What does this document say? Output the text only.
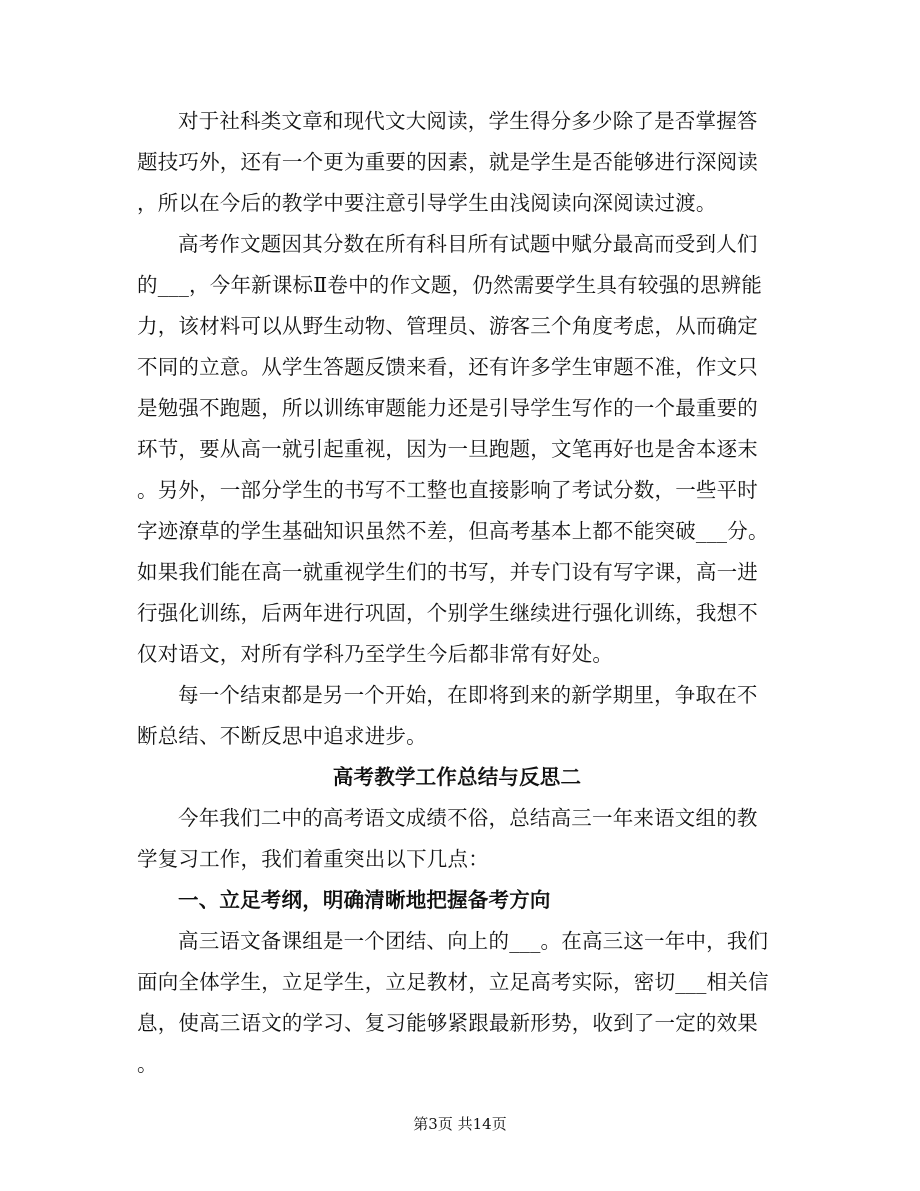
对于社科类文章和现代文大阅读，学生得分多少除了是否掌握答
题技巧外，还有一个更为重要的因素，就是学生是否能够进行深阅读
，所以在今后的教学中要注意引导学生由浅阅读向深阅读过渡。
高考作文题因其分数在所有科目所有试题中赋分最高而受到人们
的___，今年新课标Ⅱ卷中的作文题，仍然需要学生具有较强的思辨能
力，该材料可以从野生动物、管理员、游客三个角度考虑，从而确定
不同的立意。从学生答题反馈来看，还有许多学生审题不准，作文只
是勉强不跑题，所以训练审题能力还是引导学生写作的一个最重要的
环节，要从高一就引起重视，因为一旦跑题，文笔再好也是舍本逐末
。另外，一部分学生的书写不工整也直接影响了考试分数，一些平时
字迹潦草的学生基础知识虽然不差，但高考基本上都不能突破___分。
如果我们能在高一就重视学生们的书写，并专门设有写字课，高一进
行强化训练，后两年进行巩固，个别学生继续进行强化训练，我想不
仅对语文，对所有学科乃至学生今后都非常有好处。
每一个结束都是另一个开始，在即将到来的新学期里，争取在不
断总结、不断反思中追求进步。
高考教学工作总结与反思二
今年我们二中的高考语文成绩不俗，总结高三一年来语文组的教
学复习工作，我们着重突出以下几点：
一、立足考纲，明确清晰地把握备考方向
高三语文备课组是一个团结、向上的___。在高三这一年中，我们
面向全体学生，立足学生，立足教材，立足高考实际，密切___相关信
息，使高三语文的学习、复习能够紧跟最新形势，收到了一定的效果
。
第3页 共14页
